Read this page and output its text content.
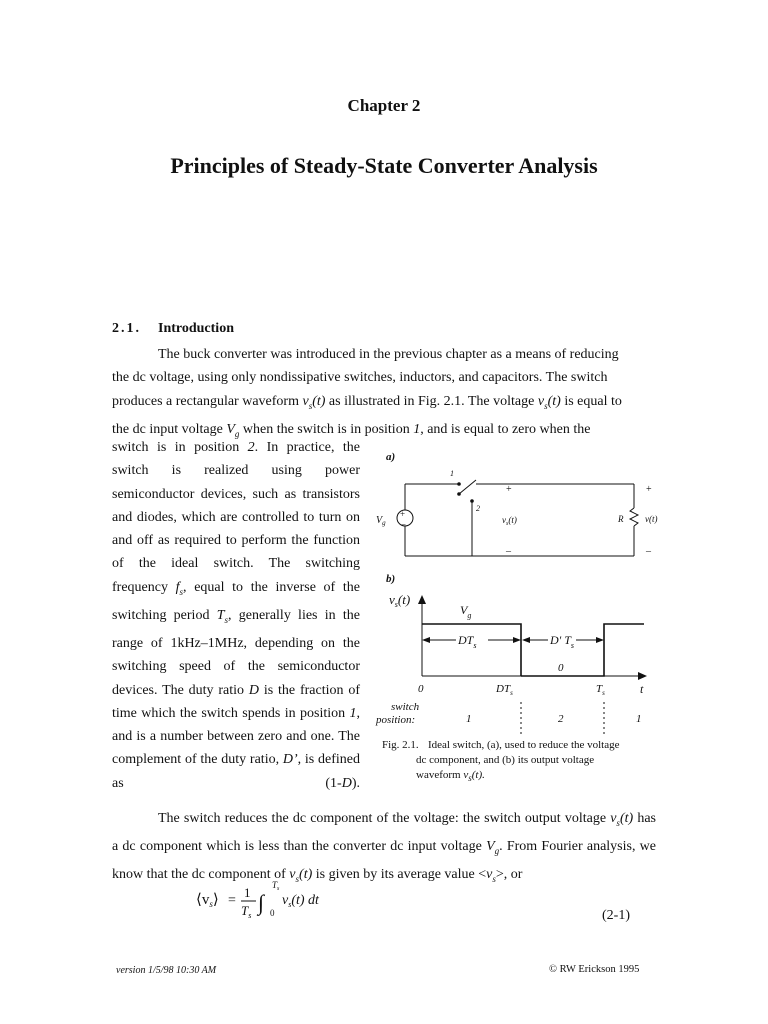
Chapter 2
Principles of Steady-State Converter Analysis
2.1. Introduction
The buck converter was introduced in the previous chapter as a means of reducing
the dc voltage, using only nondissipative switches, inductors, and capacitors. The switch
produces a rectangular waveform $v_s(t)$ as illustrated in Fig. 2.1. The voltage $v_s(t)$ is equal to
the dc input voltage $V_g$ when the switch is in position 1, and is equal to zero when the
switch is in position 2. In practice, the switch is realized using power semiconductor devices, such as transistors and diodes, which are controlled to turn on and off as required to perform the function of the ideal switch. The switching frequency $f_s$, equal to the inverse of the switching period $T_s$, generally lies in the range of 1kHz–1MHz, depending on the switching speed of the semiconductor devices. The duty ratio D is the fraction of time which the switch spends in position 1, and is a number between zero and one. The complement of the duty ratio, D’, is defined as (1-D).
a)
1
2
+
–
$V_g$
+
$v_s(t)$
–
R
+
v(t)
–
b)
$v_s(t)$
$V_g$
$DT_s$	D' $T_s$
0
0	$DT_s$	$T_s$	t
switch
position:	1	2	1
Fig. 2.1. Ideal switch, (a), used to reduce the voltage
dc component, and (b) its output voltage
waveform $v_s(t)$.
The switch reduces the dc component of the voltage: the switch output voltage $v_s(t)$ has a dc component which is less than the converter dc input voltage $V_g$. From Fourier analysis, we know that the dc component of $v_s(t)$ is given by its average value $<v_s>$, or
$⟨v_s⟩$ =
1
$T_s$
∫
$T_s$
0
$v_s(t)$ dt
(2-1)
version 1/5/98 10:30 AM	© RW Erickson 1995
